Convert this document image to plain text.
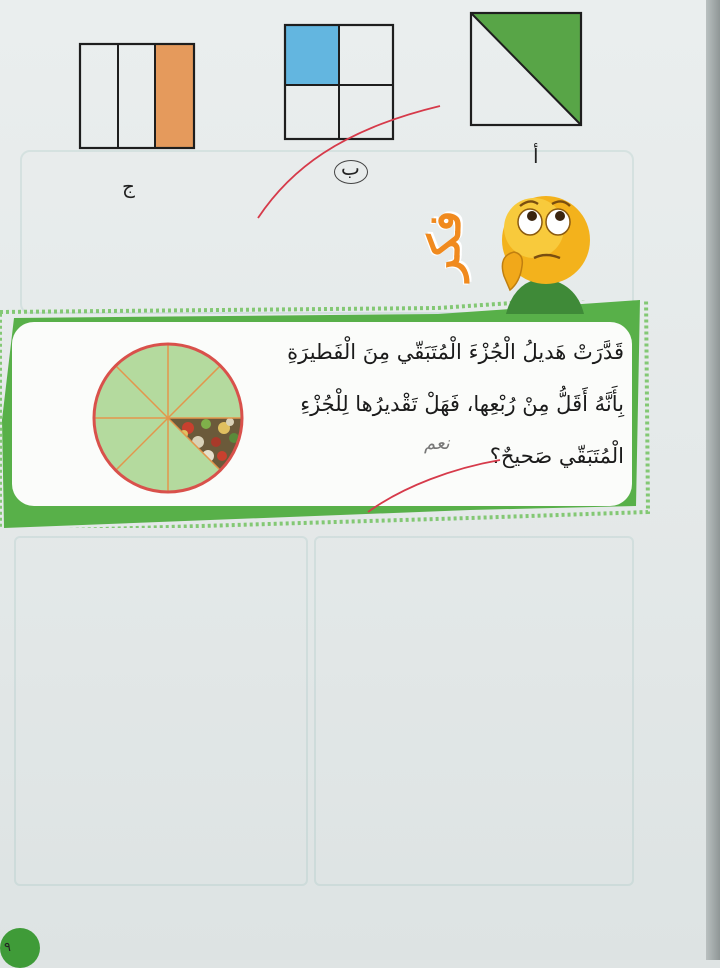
ج
ب	أ
فكر
قَدَّرَتْ هَديلُ الْجُزْءَ الْمُتَبَقّي مِنَ الْفَطيرَةِ
بِأَنَّهُ أَقَلُّ مِنْ رُبْعِها، فَهَلْ تَقْديرُها لِلْجُزْءِ
الْمُتَبَقّي صَحيحٌ؟
نعم
٩
